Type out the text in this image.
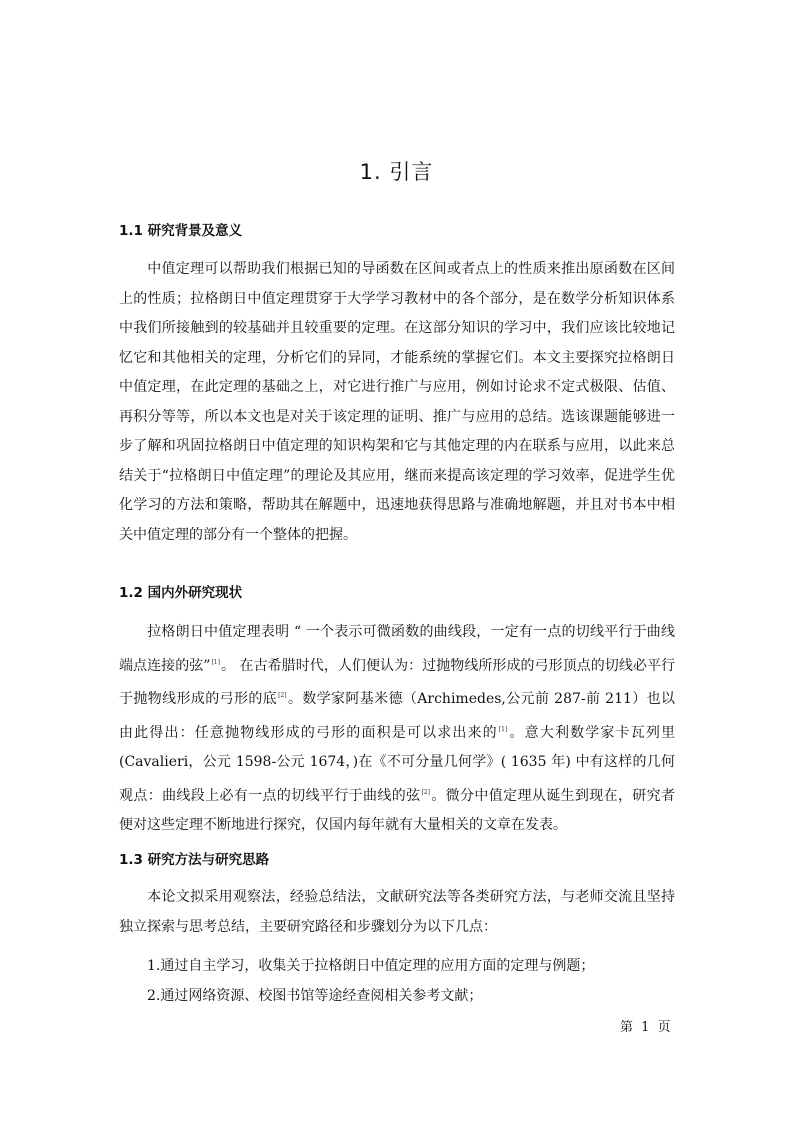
1. 引言
1.1 研究背景及意义

中值定理可以帮助我们根据已知的导函数在区间或者点上的性质来推出原函数在区间上的性质；拉格朗日中值定理贯穿于大学学习教材中的各个部分，是在数学分析知识体系中我们所接触到的较基础并且较重要的定理。在这部分知识的学习中，我们应该比较地记忆它和其他相关的定理，分析它们的异同，才能系统的掌握它们。本文主要探究拉格朗日中值定理，在此定理的基础之上，对它进行推广与应用，例如讨论求不定式极限、估值、再积分等等，所以本文也是对关于该定理的证明、推广与应用的总结。选该课题能够进一步了解和巩固拉格朗日中值定理的知识构架和它与其他定理的内在联系与应用，以此来总结关于“拉格朗日中值定理”的理论及其应用，继而来提高该定理的学习效率，促进学生优化学习的方法和策略，帮助其在解题中，迅速地获得思路与准确地解题，并且对书本中相关中值定理的部分有一个整体的把握。

1.2 国内外研究现状

拉格朗日中值定理表明 “ 一个表示可微函数的曲线段，一定有一点的切线平行于曲线端点连接的弦”[1]。 在古希腊时代，人们便认为：过抛物线所形成的弓形顶点的切线必平行于抛物线形成的弓形的底[2]。数学家阿基米德（Archimedes,公元前 287-前 211）也以由此得出：任意抛物线形成的弓形的面积是可以求出来的[1]。意大利数学家卡瓦列里(Cavalieri，公元 1598-公元 1674，)在《不可分量几何学》( 1635 年) 中有这样的几何观点：曲线段上必有一点的切线平行于曲线的弦[2]。微分中值定理从诞生到现在，研究者便对这些定理不断地进行探究，仅国内每年就有大量相关的文章在发表。

1.3 研究方法与研究思路

本论文拟采用观察法，经验总结法，文献研究法等各类研究方法，与老师交流且坚持独立探索与思考总结，主要研究路径和步骤划分为以下几点：

1.通过自主学习，收集关于拉格朗日中值定理的应用方面的定理与例题；
2.通过网络资源、校图书馆等途经查阅相关参考文献；
第 1 页
